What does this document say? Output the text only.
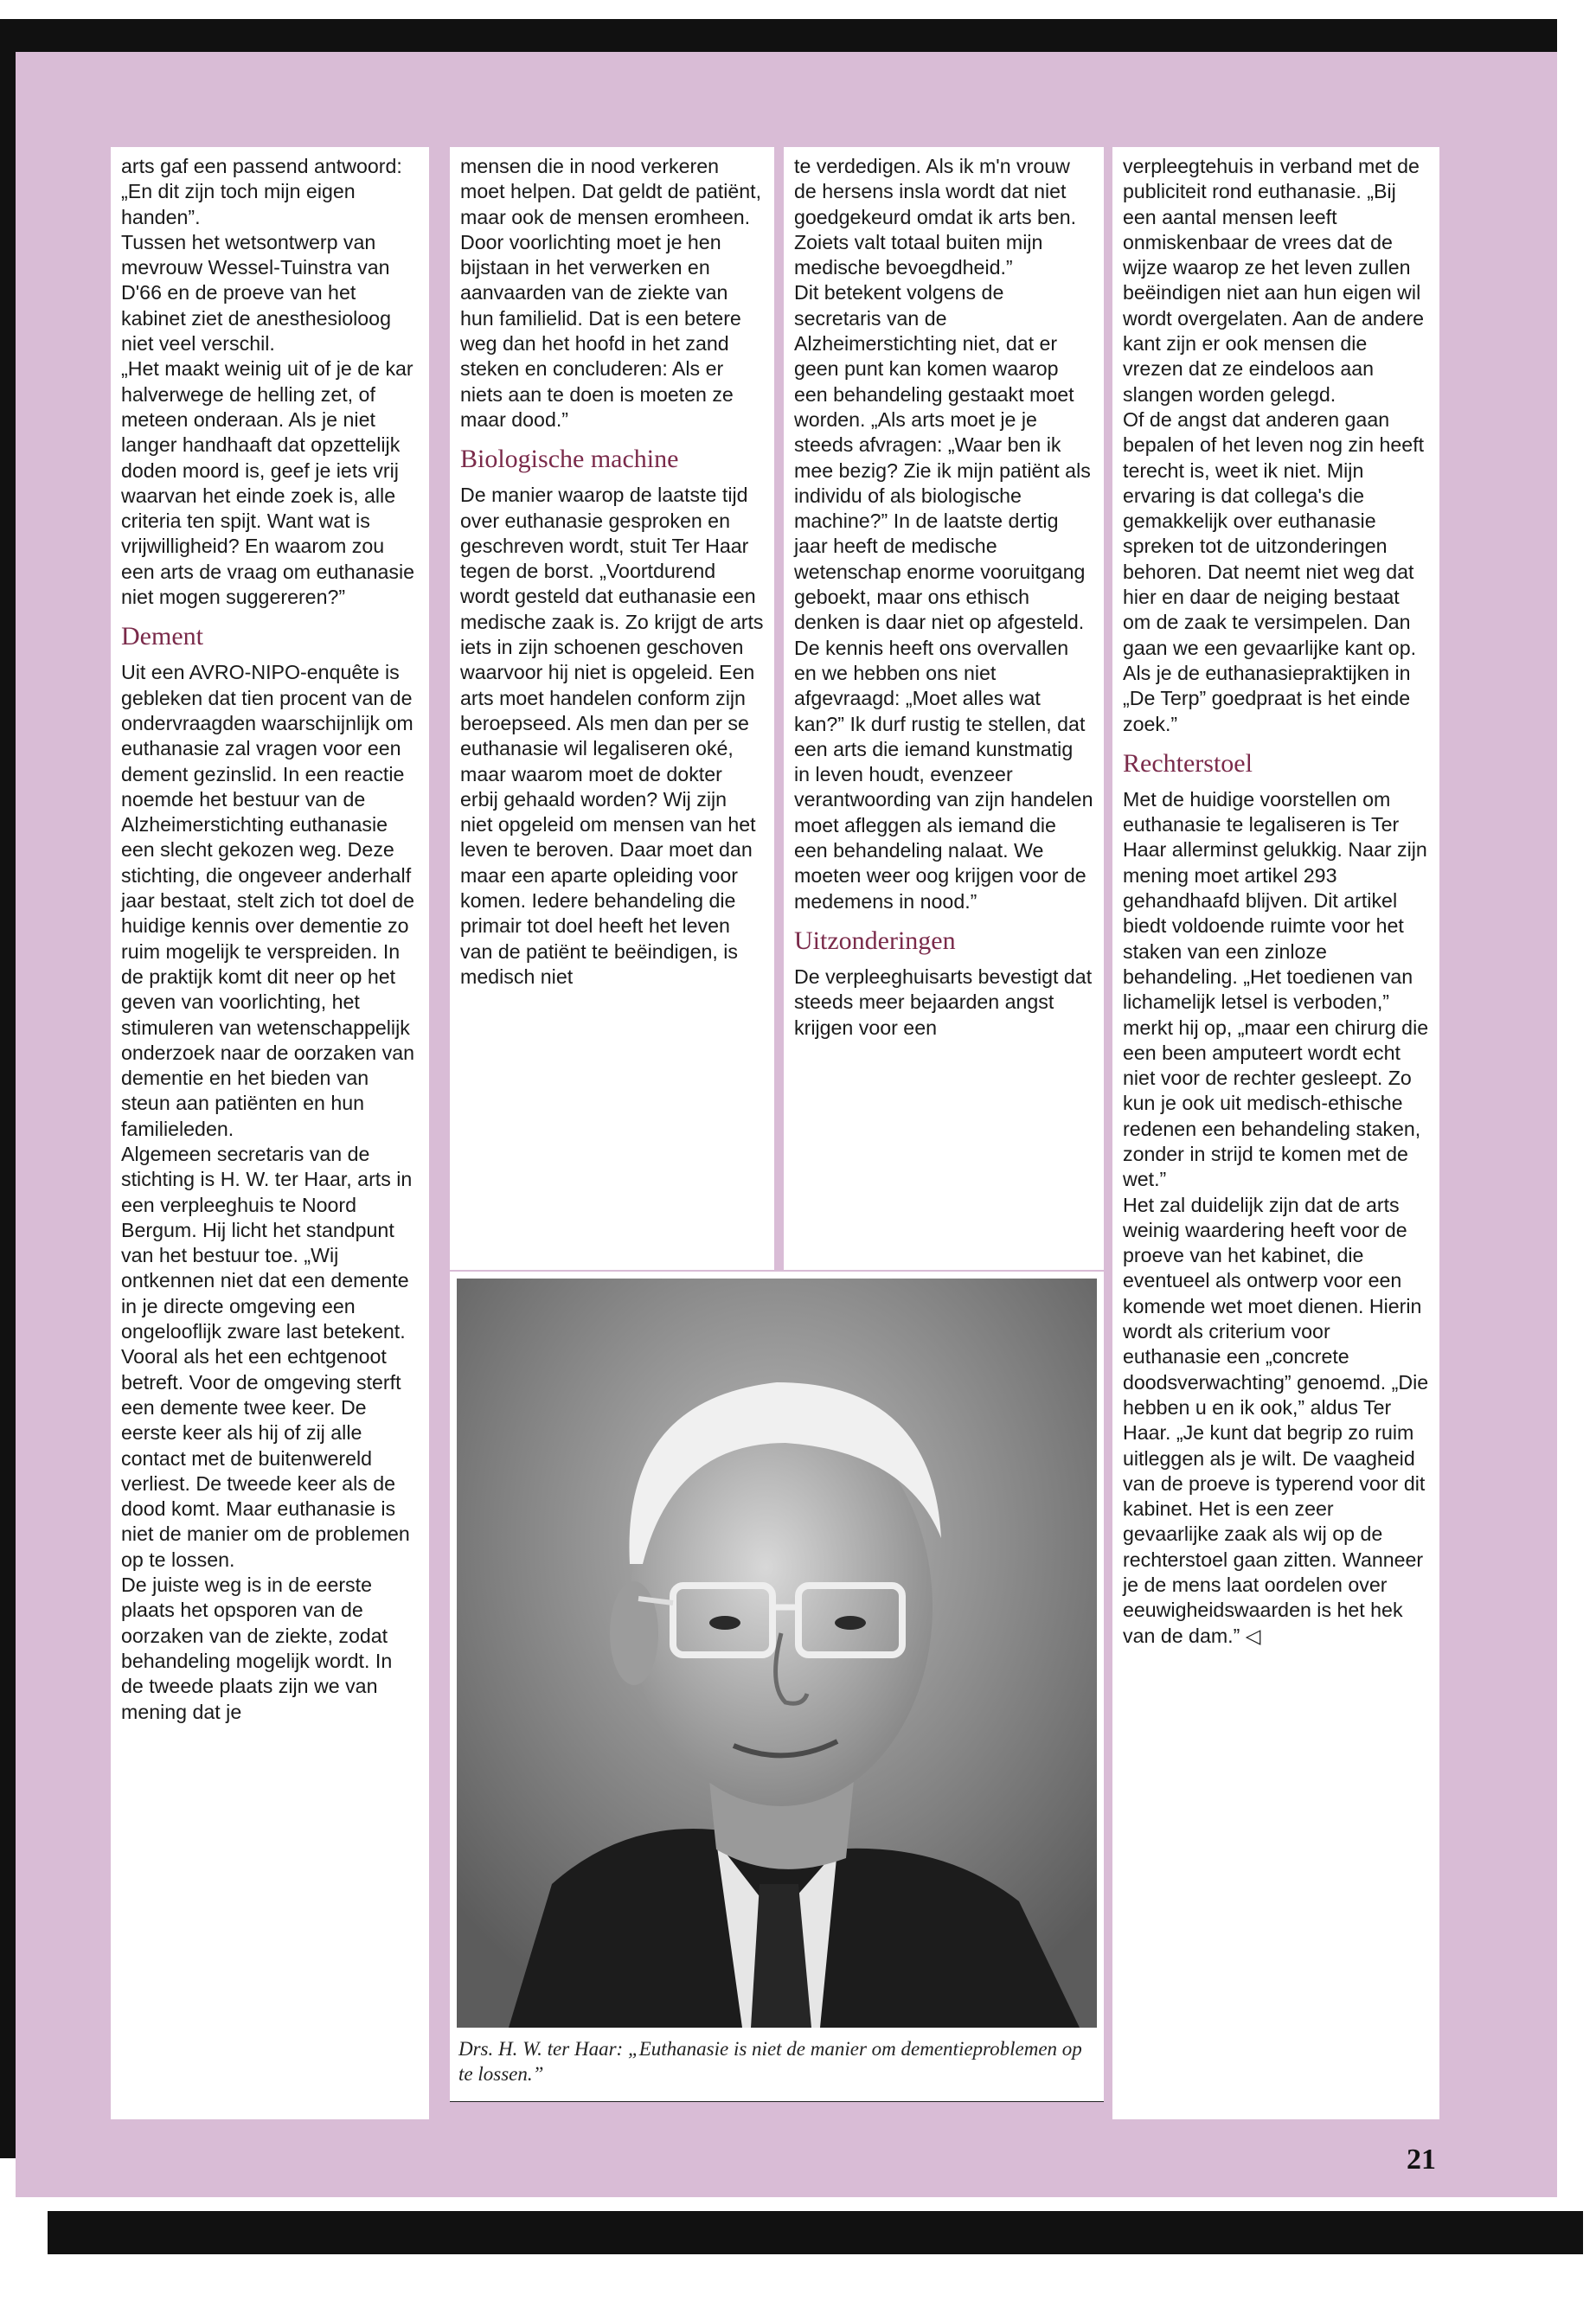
arts gaf een passend antwoord: „En dit zijn toch mijn eigen handen”.

Tussen het wetsontwerp van mevrouw Wessel-Tuinstra van D'66 en de proeve van het kabinet ziet de anesthesioloog niet veel verschil.

„Het maakt weinig uit of je de kar halverwege de helling zet, of meteen onderaan. Als je niet langer handhaaft dat opzettelijk doden moord is, geef je iets vrij waarvan het einde zoek is, alle criteria ten spijt. Want wat is vrijwilligheid? En waarom zou een arts de vraag om euthanasie niet mogen suggereren?”

Dement

Uit een AVRO-NIPO-enquête is gebleken dat tien procent van de ondervraagden waarschijnlijk om euthanasie zal vragen voor een dement gezinslid. In een reactie noemde het bestuur van de Alzheimerstichting euthanasie een slecht gekozen weg. Deze stichting, die ongeveer anderhalf jaar bestaat, stelt zich tot doel de huidige kennis over dementie zo ruim mogelijk te verspreiden. In de praktijk komt dit neer op het geven van voorlichting, het stimuleren van wetenschappelijk onderzoek naar de oorzaken van dementie en het bieden van steun aan patiënten en hun familieleden.

Algemeen secretaris van de stichting is H. W. ter Haar, arts in een verpleeghuis te Noord Bergum. Hij licht het standpunt van het bestuur toe. „Wij ontkennen niet dat een demente in je directe omgeving een ongelooflijk zware last betekent. Vooral als het een echtgenoot betreft. Voor de omgeving sterft een demente twee keer. De eerste keer als hij of zij alle contact met de buitenwereld verliest. De tweede keer als de dood komt. Maar euthanasie is niet de manier om de problemen op te lossen.

De juiste weg is in de eerste plaats het opsporen van de oorzaken van de ziekte, zodat behandeling mogelijk wordt. In de tweede plaats zijn we van mening dat je

mensen die in nood verkeren moet helpen. Dat geldt de patiënt, maar ook de mensen eromheen. Door voorlichting moet je hen bijstaan in het verwerken en aanvaarden van de ziekte van hun familielid. Dat is een betere weg dan het hoofd in het zand steken en concluderen: Als er niets aan te doen is moeten ze maar dood.”

Biologische machine

De manier waarop de laatste tijd over euthanasie gesproken en geschreven wordt, stuit Ter Haar tegen de borst. „Voortdurend wordt gesteld dat euthanasie een medische zaak is. Zo krijgt de arts iets in zijn schoenen geschoven waarvoor hij niet is opgeleid. Een arts moet handelen conform zijn beroepseed. Als men dan per se euthanasie wil legaliseren oké, maar waarom moet de dokter erbij gehaald worden? Wij zijn niet opgeleid om mensen van het leven te beroven. Daar moet dan maar een aparte opleiding voor komen. Iedere behandeling die primair tot doel heeft het leven van de patiënt te beëindigen, is medisch niet

te verdedigen. Als ik m'n vrouw de hersens insla wordt dat niet goedgekeurd omdat ik arts ben. Zoiets valt totaal buiten mijn medische bevoegdheid.”

Dit betekent volgens de secretaris van de Alzheimerstichting niet, dat er geen punt kan komen waarop een behandeling gestaakt moet worden. „Als arts moet je je steeds afvragen: „Waar ben ik mee bezig? Zie ik mijn patiënt als individu of als biologische machine?” In de laatste dertig jaar heeft de medische wetenschap enorme vooruitgang geboekt, maar ons ethisch denken is daar niet op afgesteld. De kennis heeft ons overvallen en we hebben ons niet afgevraagd: „Moet alles wat kan?” Ik durf rustig te stellen, dat een arts die iemand kunstmatig in leven houdt, evenzeer verantwoording van zijn handelen moet afleggen als iemand die een behandeling nalaat. We moeten weer oog krijgen voor de medemens in nood.”

Uitzonderingen

De verpleeghuisarts bevestigt dat steeds meer bejaarden angst krijgen voor een

verpleegtehuis in verband met de publiciteit rond euthanasie. „Bij een aantal mensen leeft onmiskenbaar de vrees dat de wijze waarop ze het leven zullen beëindigen niet aan hun eigen wil wordt overgelaten. Aan de andere kant zijn er ook mensen die vrezen dat ze eindeloos aan slangen worden gelegd.

Of de angst dat anderen gaan bepalen of het leven nog zin heeft terecht is, weet ik niet. Mijn ervaring is dat collega's die gemakkelijk over euthanasie spreken tot de uitzonderingen behoren. Dat neemt niet weg dat hier en daar de neiging bestaat om de zaak te versimpelen. Dan gaan we een gevaarlijke kant op. Als je de euthanasiepraktijken in „De Terp” goedpraat is het einde zoek.”

Rechterstoel

Met de huidige voorstellen om euthanasie te legaliseren is Ter Haar allerminst gelukkig. Naar zijn mening moet artikel 293 gehandhaafd blijven. Dit artikel biedt voldoende ruimte voor het staken van een zinloze behandeling. „Het toedienen van lichamelijk letsel is verboden,” merkt hij op, „maar een chirurg die een been amputeert wordt echt niet voor de rechter gesleept. Zo kun je ook uit medisch-ethische redenen een behandeling staken, zonder in strijd te komen met de wet.”

Het zal duidelijk zijn dat de arts weinig waardering heeft voor de proeve van het kabinet, die eventueel als ontwerp voor een komende wet moet dienen. Hierin wordt als criterium voor euthanasie een „concrete doodsverwachting” genoemd. „Die hebben u en ik ook,” aldus Ter Haar. „Je kunt dat begrip zo ruim uitleggen als je wilt. De vaagheid van de proeve is typerend voor dit kabinet. Het is een zeer gevaarlijke zaak als wij op de rechterstoel gaan zitten. Wanneer je de mens laat oordelen over eeuwigheidswaarden is het hek van de dam.” ◁

Drs. H. W. ter Haar: „Euthanasie is niet de manier om dementieproblemen op te lossen.”
21
